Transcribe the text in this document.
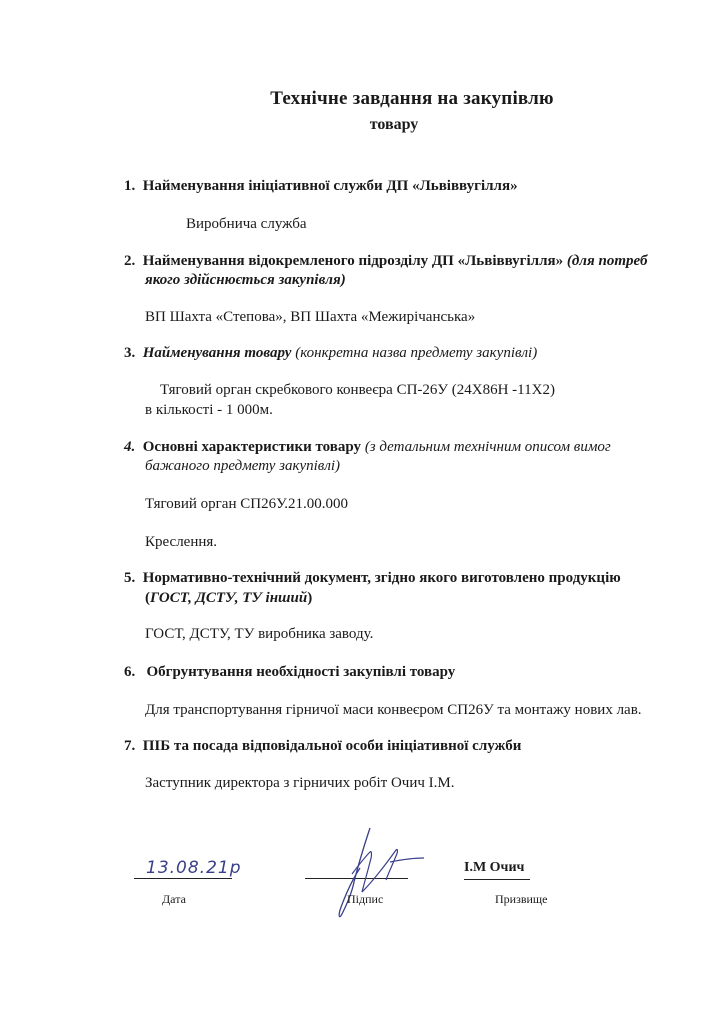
Технічне завдання на закупівлю
товару
1. Найменування ініціативної служби ДП «Львіввугілля»
Виробнича служба
2. Найменування відокремленого підрозділу ДП «Львіввугілля» (для потреб
якого здійснюється закупівля)
ВП Шахта «Степова», ВП Шахта «Межирічанська»
3. Найменування товару (конкретна назва предмету закупівлі)
Тяговий орган скребкового конвеєра СП-26У (24Х86Н -11Х2)
в кількості - 1 000м.
4. Основні характеристики товару (з детальним технічним описом вимог
бажаного предмету закупівлі)
Тяговий орган СП26У.21.00.000
Креслення.
5. Нормативно-технічний документ, згідно якого виготовлено продукцію
(ГОСТ, ДСТУ, ТУ інший)
ГОСТ, ДСТУ, ТУ виробника заводу.
6. Обгрунтування необхідності закупівлі товару
Для транспортування гірничої маси конвеєром СП26У та монтажу нових лав.
7. ПІБ та посада відповідальної особи ініціативної служби
Заступник директора з гірничих робіт Очич І.М.
13.08.21р
Дата	Підпис
І.М Очич
Призвище
